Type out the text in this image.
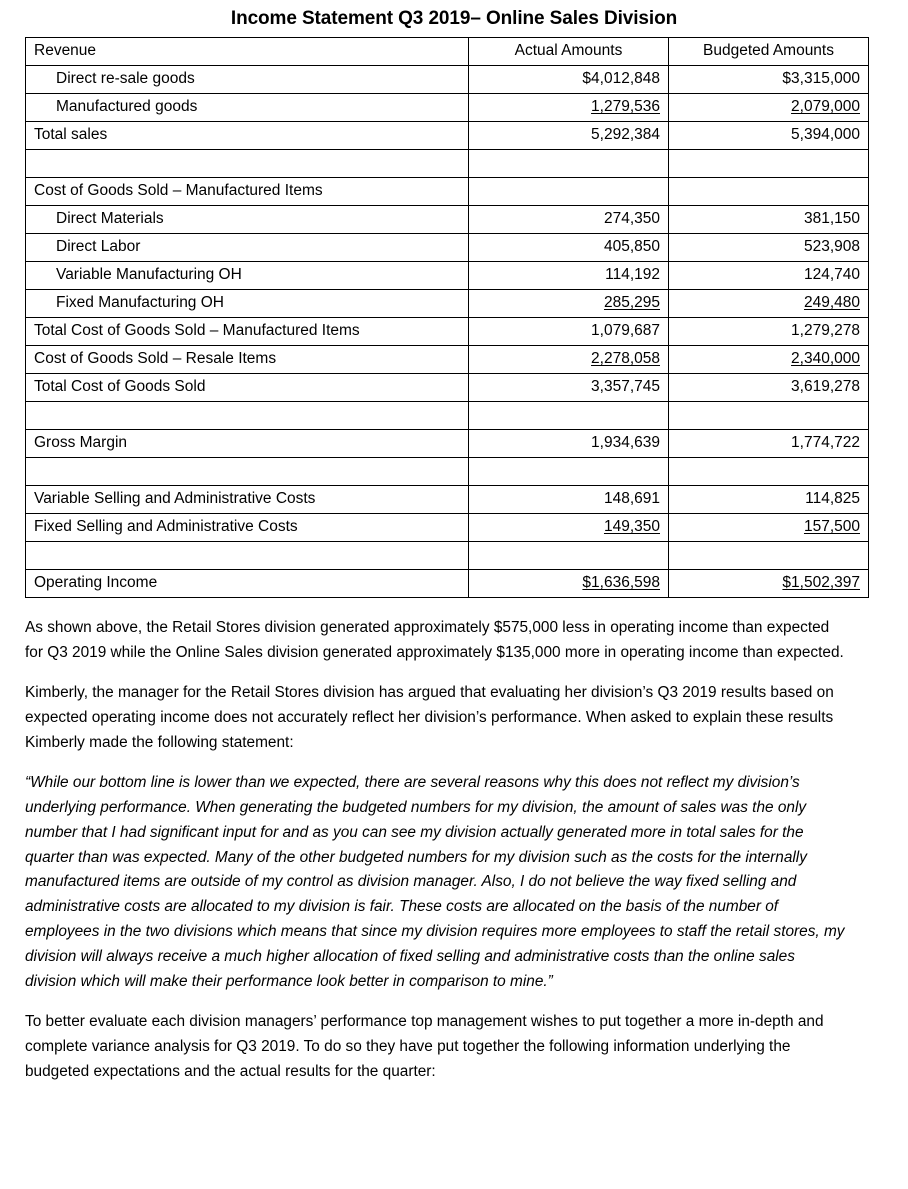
Income Statement Q3 2019– Online Sales Division
Revenue	Actual Amounts	Budgeted Amounts
Direct re-sale goods	$4,012,848	$3,315,000
Manufactured goods	1,279,536	2,079,000
Total sales	5,292,384	5,394,000

Cost of Goods Sold – Manufactured Items		
Direct Materials	274,350	381,150
Direct Labor	405,850	523,908
Variable Manufacturing OH	114,192	124,740
Fixed Manufacturing OH	285,295	249,480
Total Cost of Goods Sold – Manufactured Items	1,079,687	1,279,278
Cost of Goods Sold – Resale Items	2,278,058	2,340,000
Total Cost of Goods Sold	3,357,745	3,619,278

Gross Margin	1,934,639	1,774,722

Variable Selling and Administrative Costs	148,691	114,825
Fixed Selling and Administrative Costs	149,350	157,500

Operating Income	$1,636,598	$1,502,397

As shown above, the Retail Stores division generated approximately $575,000 less in operating income than expected for Q3 2019 while the Online Sales division generated approximately $135,000 more in operating income than expected.

Kimberly, the manager for the Retail Stores division has argued that evaluating her division’s Q3 2019 results based on expected operating income does not accurately reflect her division’s performance. When asked to explain these results Kimberly made the following statement:

“While our bottom line is lower than we expected, there are several reasons why this does not reflect my division’s underlying performance. When generating the budgeted numbers for my division, the amount of sales was the only number that I had significant input for and as you can see my division actually generated more in total sales for the quarter than was expected. Many of the other budgeted numbers for my division such as the costs for the internally manufactured items are outside of my control as division manager. Also, I do not believe the way fixed selling and administrative costs are allocated to my division is fair. These costs are allocated on the basis of the number of employees in the two divisions which means that since my division requires more employees to staff the retail stores, my division will always receive a much higher allocation of fixed selling and administrative costs than the online sales division which will make their performance look better in comparison to mine.”

To better evaluate each division managers’ performance top management wishes to put together a more in-depth and complete variance analysis for Q3 2019. To do so they have put together the following information underlying the budgeted expectations and the actual results for the quarter:
